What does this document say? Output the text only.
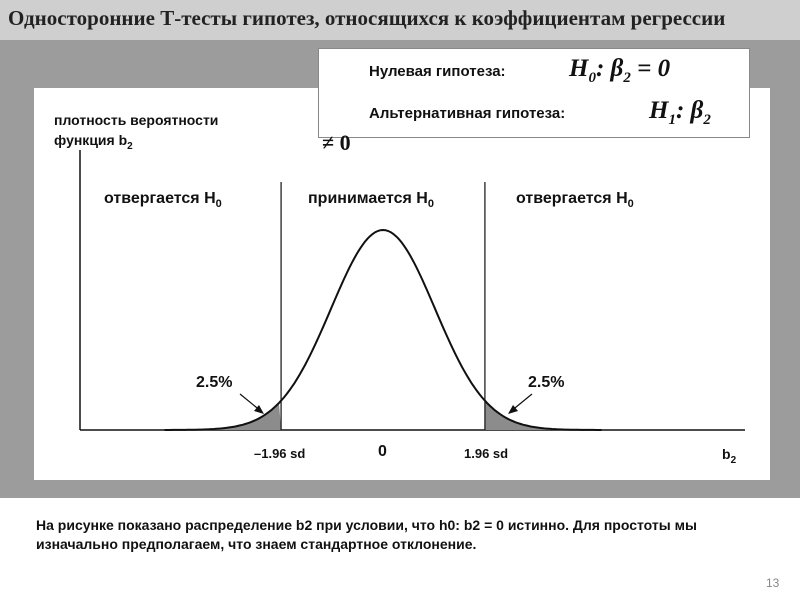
Односторонние Т-тесты гипотез, относящихся к коэффициентам регрессии
Нулевая гипотеза:	$H_0$: $\beta_2 = 0$
Альтернативная гипотеза:	$H_1$: $\beta_2$
≠ 0
плотность вероятности
функция $b_2$
отвергается $H_0$	принимается $H_0$	отвергается $H_0$
2.5%	2.5%
–1.96 sd	0	1.96 sd	$b_2$
На рисунке показано распределение b2 при условии, что h0: b2 = 0 истинно. Для простоты мы изначально предполагаем, что знаем стандартное отклонение.
13
